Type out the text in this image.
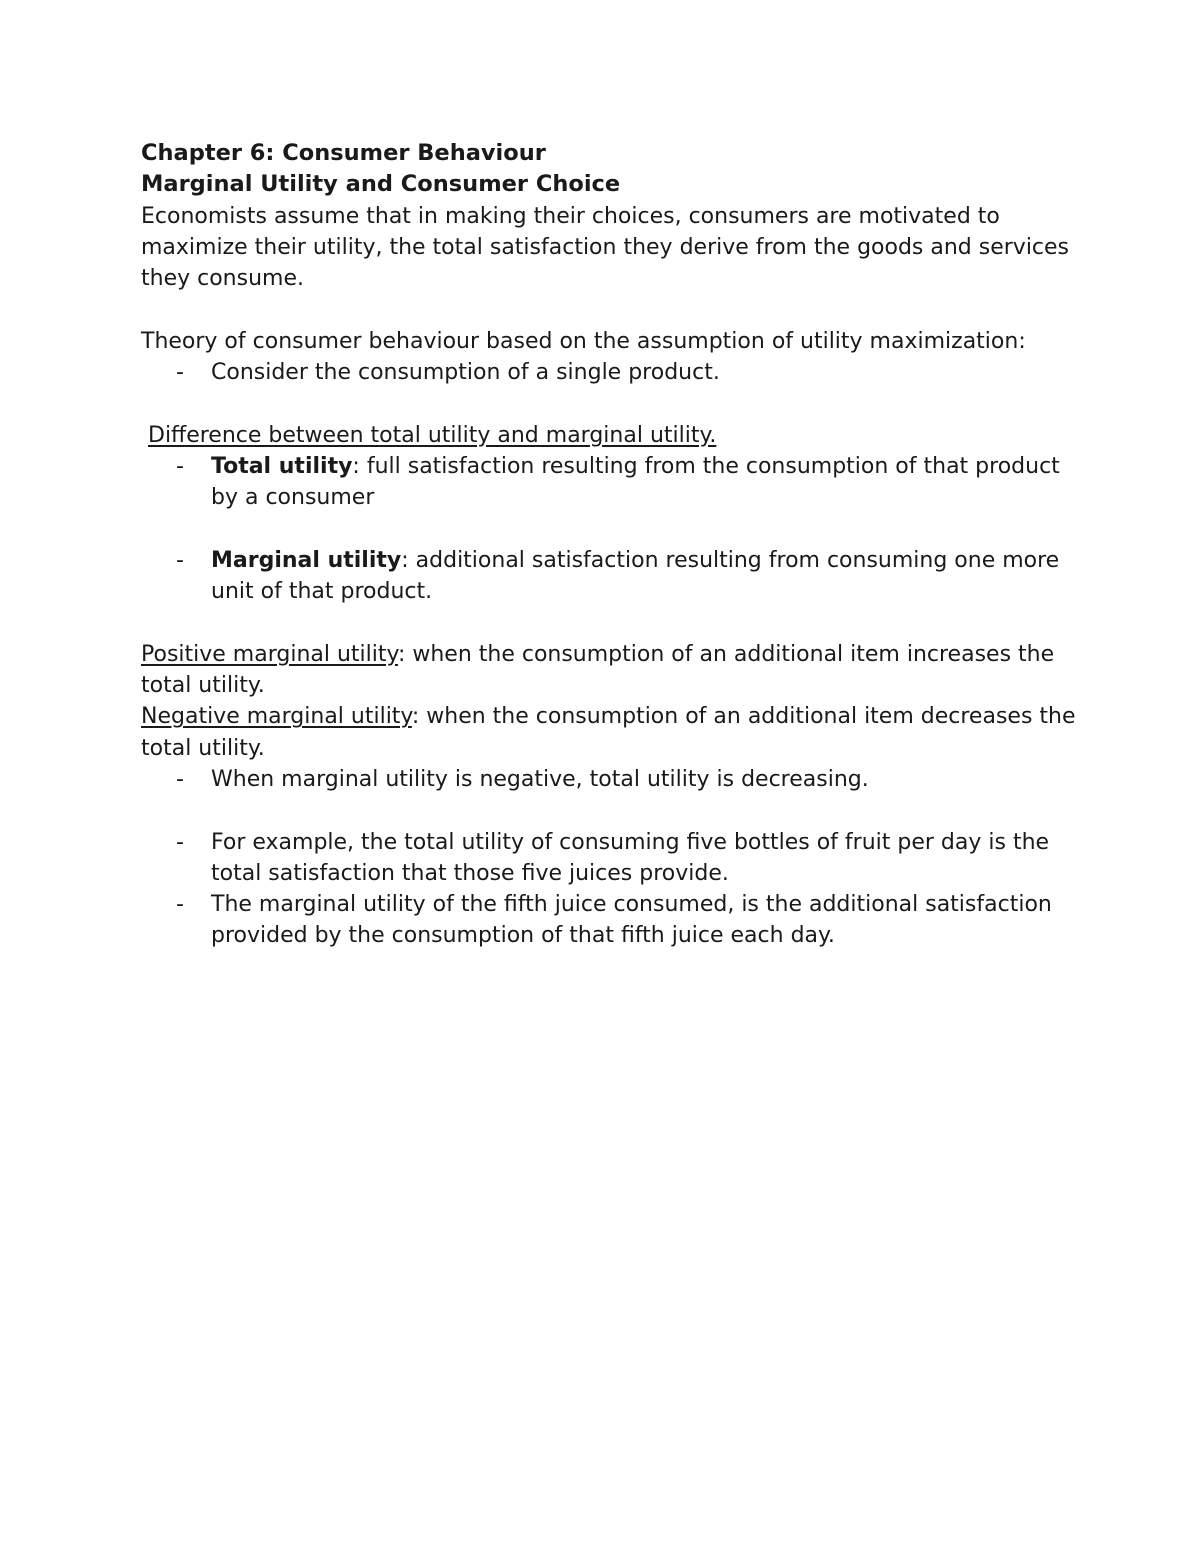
Chapter 6: Consumer Behaviour

Marginal Utility and Consumer Choice

Economists assume that in making their choices, consumers are motivated to maximize their utility, the total satisfaction they derive from the goods and services they consume.

Theory of consumer behaviour based on the assumption of utility maximization:

- Consider the consumption of a single product.

Difference between total utility and marginal utility.

- Total utility: full satisfaction resulting from the consumption of that product by a consumer
- Marginal utility: additional satisfaction resulting from consuming one more unit of that product.

Positive marginal utility: when the consumption of an additional item increases the total utility.

Negative marginal utility: when the consumption of an additional item decreases the total utility.

- When marginal utility is negative, total utility is decreasing.
- For example, the total utility of consuming five bottles of fruit per day is the total satisfaction that those five juices provide.
- The marginal utility of the fifth juice consumed, is the additional satisfaction provided by the consumption of that fifth juice each day.
